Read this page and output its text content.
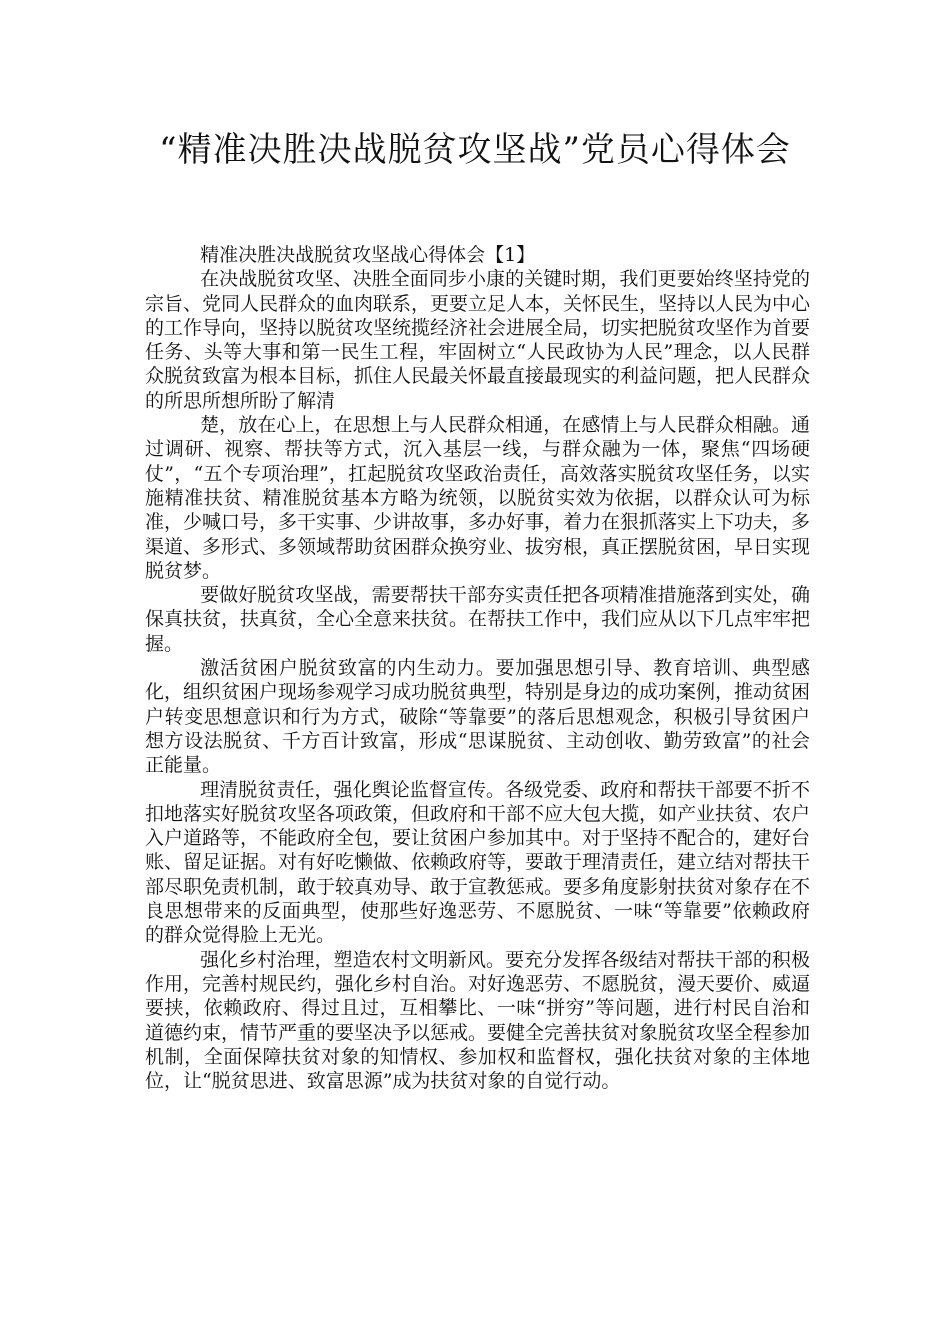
“精准决胜决战脱贫攻坚战”党员心得体会

精准决胜决战脱贫攻坚战心得体会【1】

在决战脱贫攻坚、决胜全面同步小康的关键时期，我们更要始终坚持党的宗旨、党同人民群众的血肉联系，更要立足人本，关怀民生，坚持以人民为中心的工作导向，坚持以脱贫攻坚统揽经济社会进展全局，切实把脱贫攻坚作为首要任务、头等大事和第一民生工程，牢固树立“人民政协为人民”理念，以人民群众脱贫致富为根本目标，抓住人民最关怀最直接最现实的利益问题，把人民群众的所思所想所盼了解清

楚，放在心上，在思想上与人民群众相通，在感情上与人民群众相融。通过调研、视察、帮扶等方式，沉入基层一线，与群众融为一体，聚焦“四场硬仗”，“五个专项治理”，扛起脱贫攻坚政治责任，高效落实脱贫攻坚任务，以实施精准扶贫、精准脱贫基本方略为统领，以脱贫实效为依据，以群众认可为标准，少喊口号，多干实事、少讲故事，多办好事，着力在狠抓落实上下功夫，多渠道、多形式、多领域帮助贫困群众换穷业、拔穷根，真正摆脱贫困，早日实现脱贫梦。

要做好脱贫攻坚战，需要帮扶干部夯实责任把各项精准措施落到实处，确保真扶贫，扶真贫，全心全意来扶贫。在帮扶工作中，我们应从以下几点牢牢把握。

激活贫困户脱贫致富的内生动力。要加强思想引导、教育培训、典型感化，组织贫困户现场参观学习成功脱贫典型，特别是身边的成功案例，推动贫困户转变思想意识和行为方式，破除“等靠要”的落后思想观念，积极引导贫困户想方设法脱贫、千方百计致富，形成“思谋脱贫、主动创收、勤劳致富”的社会正能量。

理清脱贫责任，强化舆论监督宣传。各级党委、政府和帮扶干部要不折不扣地落实好脱贫攻坚各项政策，但政府和干部不应大包大揽，如产业扶贫、农户入户道路等，不能政府全包，要让贫困户参加其中。对于坚持不配合的，建好台账、留足证据。对有好吃懒做、依赖政府等，要敢于理清责任，建立结对帮扶干部尽职免责机制，敢于较真劝导、敢于宣教惩戒。要多角度影射扶贫对象存在不良思想带来的反面典型，使那些好逸恶劳、不愿脱贫、一味“等靠要”依赖政府的群众觉得脸上无光。

强化乡村治理，塑造农村文明新风。要充分发挥各级结对帮扶干部的积极作用，完善村规民约，强化乡村自治。对好逸恶劳、不愿脱贫，漫天要价、威逼要挟，依赖政府、得过且过，互相攀比、一味“拼穷”等问题，进行村民自治和道德约束，情节严重的要坚决予以惩戒。要健全完善扶贫对象脱贫攻坚全程参加机制，全面保障扶贫对象的知情权、参加权和监督权，强化扶贫对象的主体地位，让“脱贫思进、致富思源”成为扶贫对象的自觉行动。
